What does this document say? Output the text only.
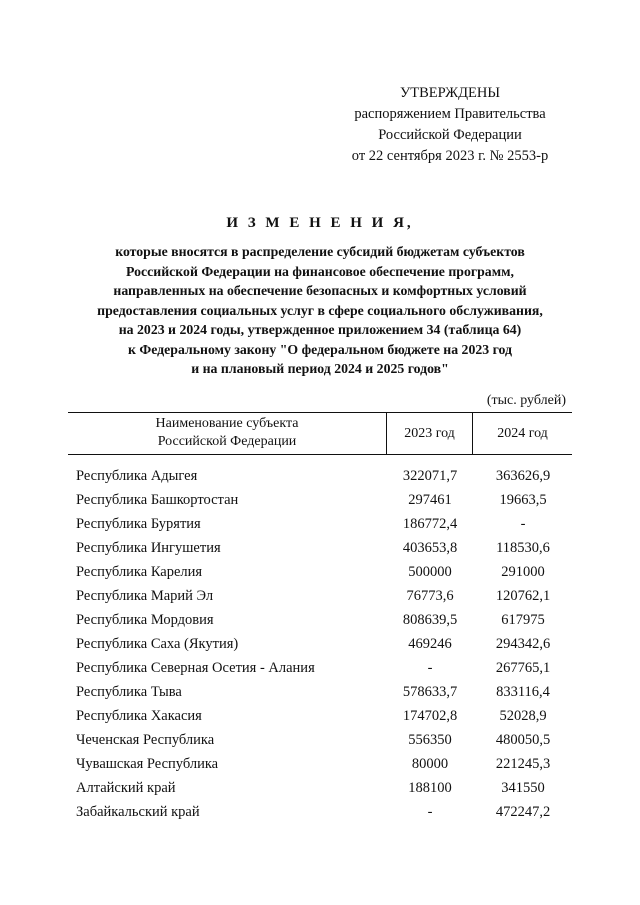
УТВЕРЖДЕНЫ
распоряжением Правительства
Российской Федерации
от 22 сентября 2023 г. № 2553-р
И З М Е Н Е Н И Я,
которые вносятся в распределение субсидий бюджетам субъектов
Российской Федерации на финансовое обеспечение программ,
направленных на обеспечение безопасных и комфортных условий
предоставления социальных услуг в сфере социального обслуживания,
на 2023 и 2024 годы, утвержденное приложением 34 (таблица 64)
к Федеральному закону "О федеральном бюджете на 2023 год
и на плановый период 2024 и 2025 годов"
(тыс. рублей)
Наименование субъекта
Российской Федерации
2023 год	2024 год
Республика Адыгея	322071,7	363626,9
Республика Башкортостан	297461	19663,5
Республика Бурятия	186772,4	-
Республика Ингушетия	403653,8	118530,6
Республика Карелия	500000	291000
Республика Марий Эл	76773,6	120762,1
Республика Мордовия	808639,5	617975
Республика Саха (Якутия)	469246	294342,6
Республика Северная Осетия - Алания	-	267765,1
Республика Тыва	578633,7	833116,4
Республика Хакасия	174702,8	52028,9
Чеченская Республика	556350	480050,5
Чувашская Республика	80000	221245,3
Алтайский край	188100	341550
Забайкальский край	-	472247,2
